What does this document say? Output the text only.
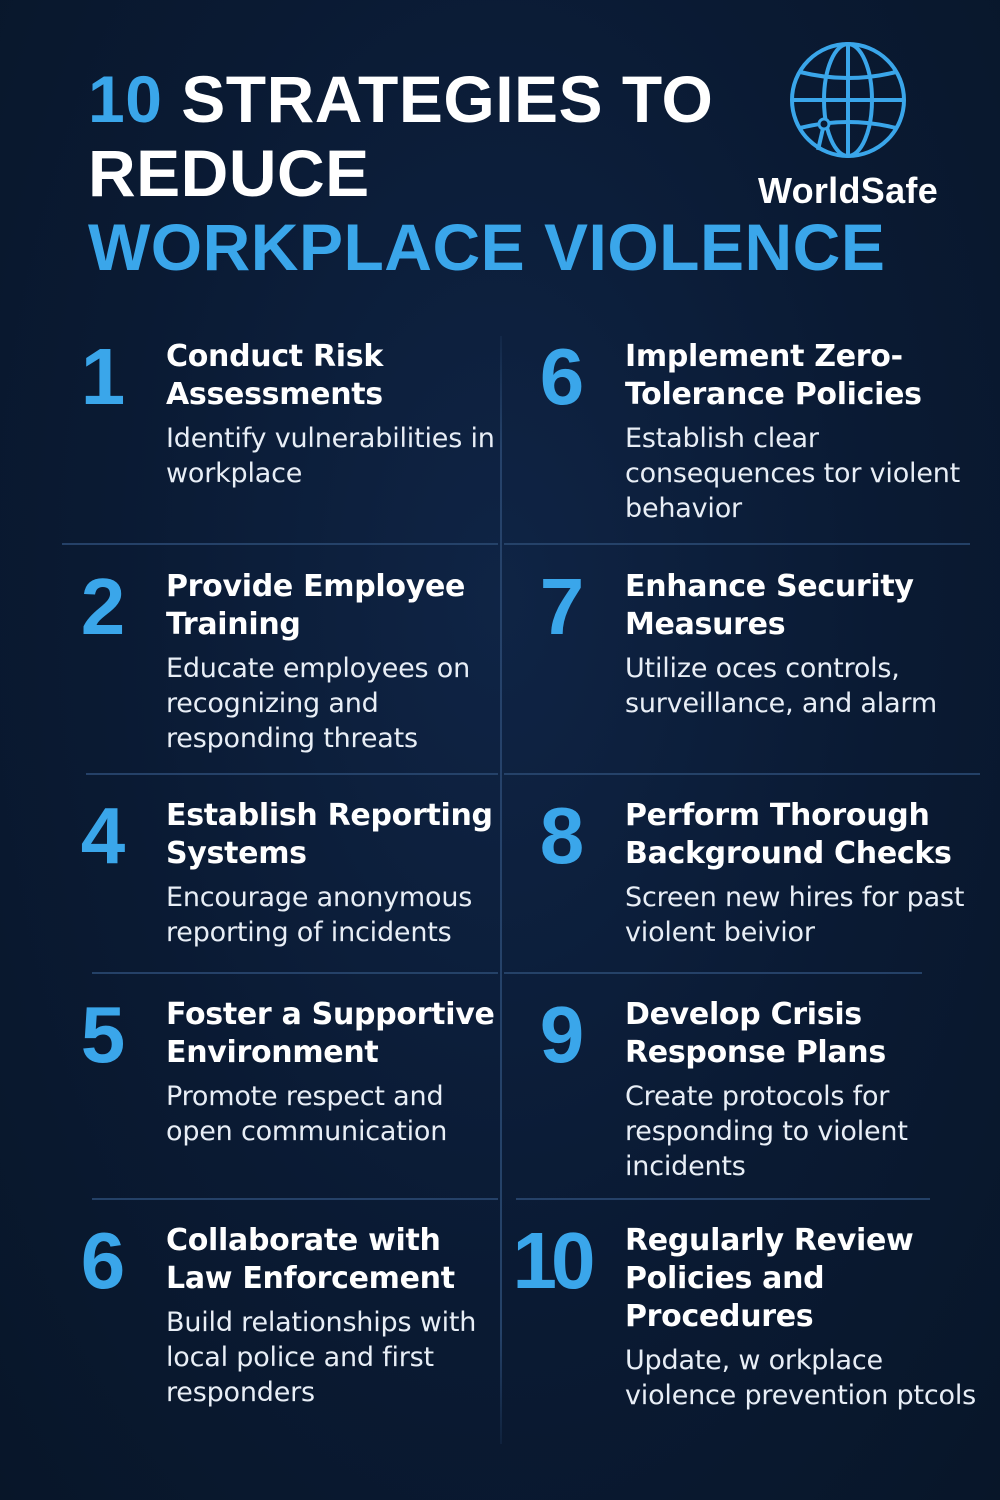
10 STRATEGIES TO
REDUCE
WORKPLACE VIOLENCE
WorldSafe
1	Conduct Risk Assessments
Identify vulnerabilities in workplace
2	Provide Employee Training
Educate employees on recognizing and responding threats
4	Establish Reporting Systems
Encourage anonymous reporting of incidents
5	Foster a Supportive Environment
Promote respect and open communication
6	Collaborate with Law Enforcement
Build relationships with local police and first responders
6	Implement Zero-Tolerance Policies
Establish clear consequences tor violent behavior
7	Enhance Security Measures
Utilize oces controls, surveillance, and alarm
8	Perform Thorough Background Checks
Screen new hires for past violent beivior
9	Develop Crisis Response Plans
Create protocols for responding to violent incidents
10	Regularly Review Policies and Procedures
Update, w orkplace violence prevention ptcols
